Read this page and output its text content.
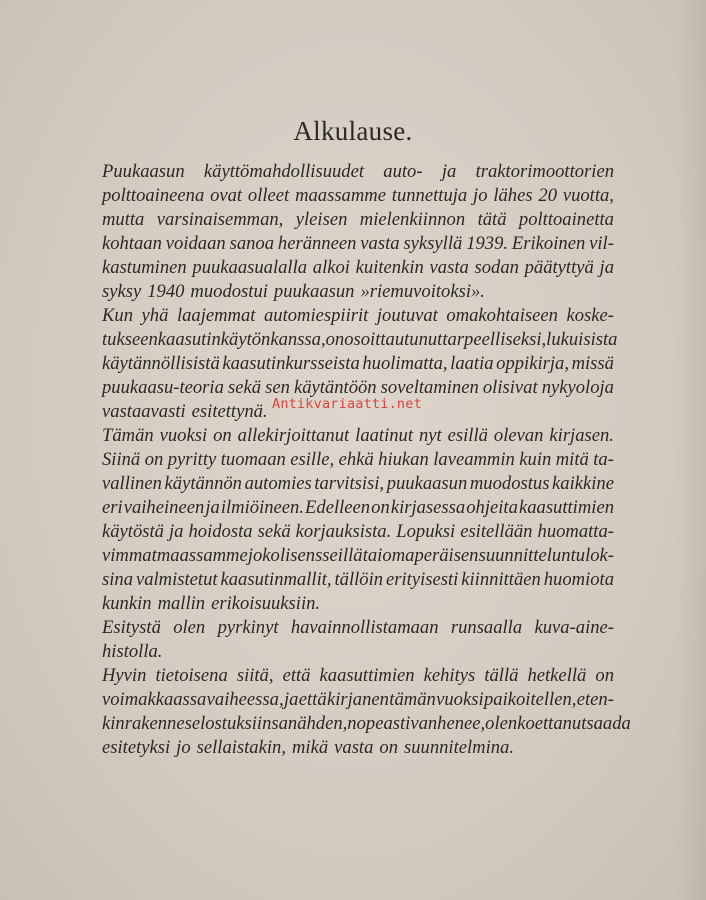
Alkulause.
Puukaasun käyttömahdollisuudet auto- ja traktorimoottorien
polttoaineena ovat olleet maassamme tunnettuja jo lähes 20 vuotta,
mutta varsinaisemman, yleisen mielenkiinnon tätä polttoainetta
kohtaan voidaan sanoa heränneen vasta syksyllä 1939. Erikoinen vil-
kastuminen puukaasualalla alkoi kuitenkin vasta sodan päätyttyä ja
syksy 1940 muodostui puukaasun »riemuvoitoksi».
Kun yhä laajemmat automiespiirit joutuvat omakohtaiseen koske-
tukseen kaasutinkäytön kanssa, on osoittautunut tarpeelliseksi, lukuisista
käytännöllisistä kaasutinkursseista huolimatta, laatia oppikirja, missä
puukaasu-teoria sekä sen käytäntöön soveltaminen olisivat nykyoloja
vastaavasti esitettynä.
Tämän vuoksi on allekirjoittanut laatinut nyt esillä olevan kirjasen.
Siinä on pyritty tuomaan esille, ehkä hiukan laveammin kuin mitä ta-
vallinen käytännön automies tarvitsisi, puukaasun muodostus kaikkine
eri vaiheineen ja ilmiöineen. Edelleen on kirjasessa ohjeita kaasuttimien
käytöstä ja hoidosta sekä korjauksista. Lopuksi esitellään huomatta-
vimmat maassamme joko lisensseillä tai omaperäisen suunnittelun tulok-
sina valmistetut kaasutinmallit, tällöin erityisesti kiinnittäen huomiota
kunkin mallin erikoisuuksiin.
Esitystä olen pyrkinyt havainnollistamaan runsaalla kuva-aine-
histolla.
Hyvin tietoisena siitä, että kaasuttimien kehitys tällä hetkellä on
voimakkaassa vaiheessa, ja että kirjanen tämän vuoksi paikoitellen, eten-
kin rakenneselostuksiinsa nähden, nopeasti vanhenee, olen koettanut saada
esitetyksi jo sellaistakin, mikä vasta on suunnitelmina.
Antikvariaatti.net
